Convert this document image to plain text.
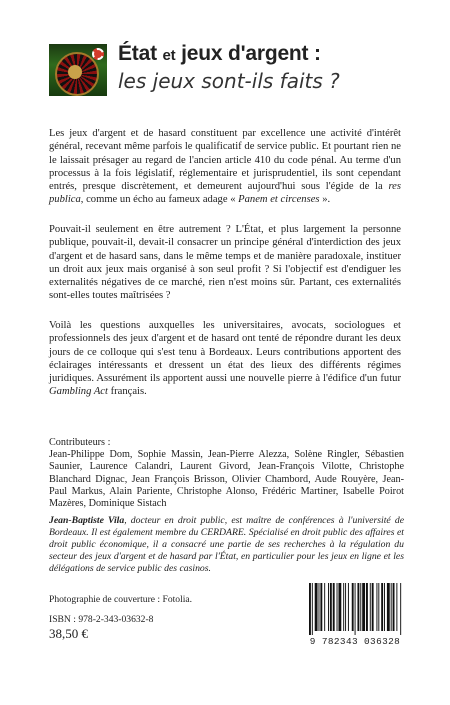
État et jeux d'argent :
les jeux sont-ils faits ?

Les jeux d'argent et de hasard constituent par excellence une activité d'intérêt général, recevant même parfois le qualificatif de service public. Et pourtant rien ne le laissait présager au regard de l'ancien article 410 du code pénal. Au terme d'un processus à la fois législatif, réglementaire et jurisprudentiel, ils sont cependant entrés, presque discrètement, et demeurent aujourd'hui sous l'égide de la res publica, comme un écho au fameux adage « Panem et circenses ».

Pouvait-il seulement en être autrement ? L'État, et plus largement la personne publique, pouvait-il, devait-il consacrer un principe général d'interdiction des jeux d'argent et de hasard sans, dans le même temps et de manière paradoxale, instituer un droit aux jeux mais organisé à son seul profit ? Si l'objectif est d'endiguer les externalités négatives de ce marché, rien n'est moins sûr. Partant, ces externalités sont-elles toutes maîtrisées ?

Voilà les questions auxquelles les universitaires, avocats, sociologues et professionnels des jeux d'argent et de hasard ont tenté de répondre durant les deux jours de ce colloque qui s'est tenu à Bordeaux. Leurs contributions apportent des éclairages intéressants et dressent un état des lieux des différents régimes juridiques. Assurément ils apportent aussi une nouvelle pierre à l'édifice d'un futur Gambling Act français.

Contributeurs :

Jean-Philippe Dom, Sophie Massin, Jean-Pierre Alezza, Solène Ringler, Sébastien Saunier, Laurence Calandri, Laurent Givord, Jean-François Vilotte, Christophe Blanchard Dignac, Jean François Brisson, Olivier Chambord, Aude Rouyère, Jean-Paul Markus, Alain Pariente, Christophe Alonso, Frédéric Martiner, Isabelle Poirot Mazères, Dominique Sistach

Jean-Baptiste Vila, docteur en droit public, est maître de conférences à l'université de Bordeaux. Il est également membre du CERDARE. Spécialisé en droit public des affaires et droit public économique, il a consacré une partie de ses recherches à la régulation du secteur des jeux d'argent et de hasard par l'État, en particulier pour les jeux en ligne et les délégations de service public des casinos.

Photographie de couverture : Fotolia.
ISBN : 978-2-343-03632-8
38,50 €
9 782343 036328
